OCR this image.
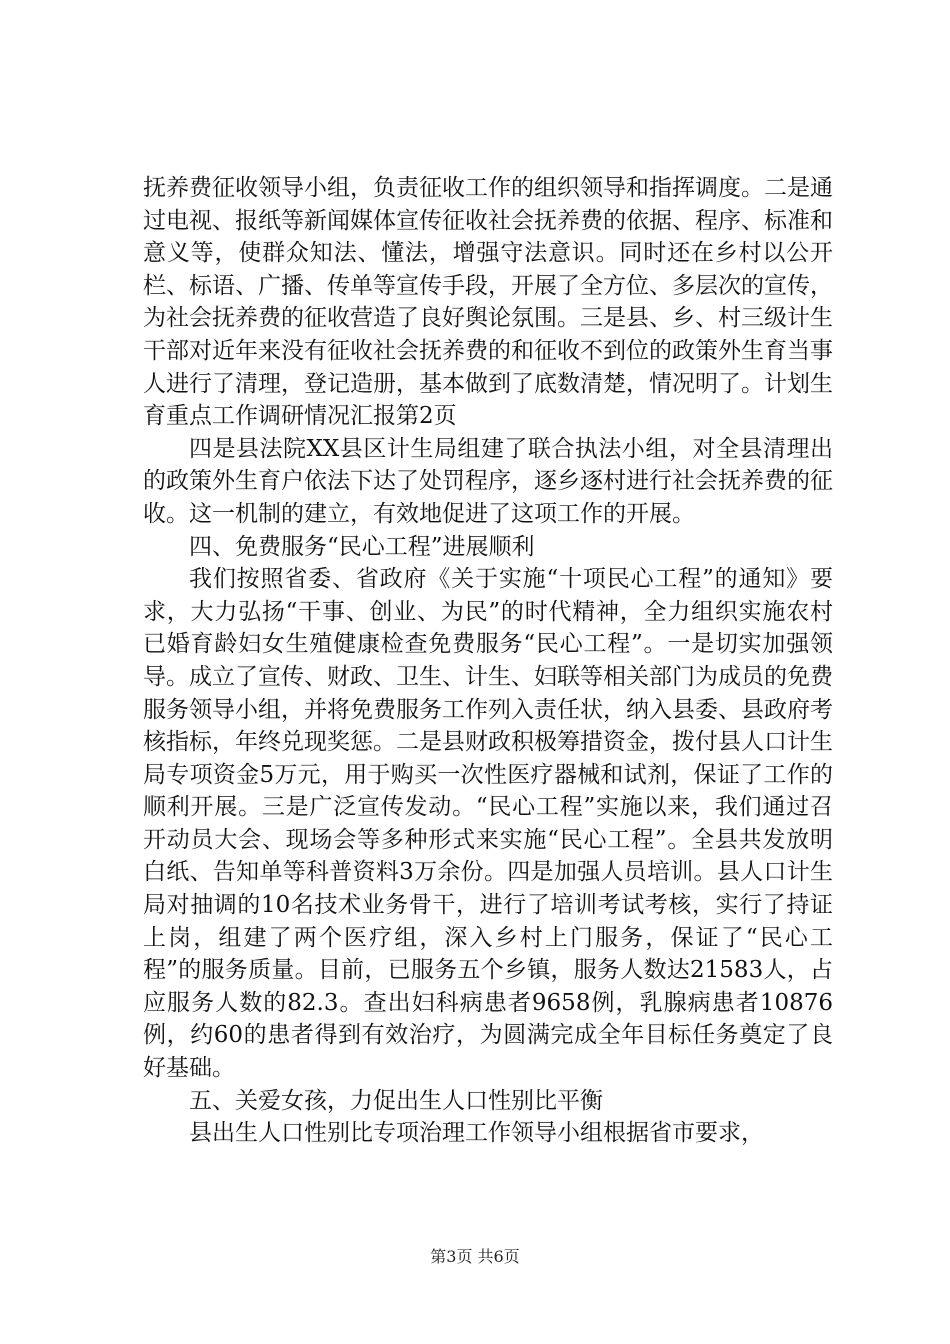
抚养费征收领导小组，负责征收工作的组织领导和指挥调度。二是通过电视、报纸等新闻媒体宣传征收社会抚养费的依据、程序、标准和意义等，使群众知法、懂法，增强守法意识。同时还在乡村以公开栏、标语、广播、传单等宣传手段，开展了全方位、多层次的宣传，为社会抚养费的征收营造了良好舆论氛围。三是县、乡、村三级计生干部对近年来没有征收社会抚养费的和征收不到位的政策外生育当事人进行了清理，登记造册，基本做到了底数清楚，情况明了。计划生育重点工作调研情况汇报第2页

四是县法院XX县区计生局组建了联合执法小组，对全县清理出的政策外生育户依法下达了处罚程序，逐乡逐村进行社会抚养费的征收。这一机制的建立，有效地促进了这项工作的开展。

四、免费服务“民心工程”进展顺利

我们按照省委、省政府《关于实施“十项民心工程”的通知》要求，大力弘扬“干事、创业、为民”的时代精神，全力组织实施农村已婚育龄妇女生殖健康检查免费服务“民心工程”。一是切实加强领导。成立了宣传、财政、卫生、计生、妇联等相关部门为成员的免费服务领导小组，并将免费服务工作列入责任状，纳入县委、县政府考核指标，年终兑现奖惩。二是县财政积极筹措资金，拨付县人口计生局专项资金5万元，用于购买一次性医疗器械和试剂，保证了工作的顺利开展。三是广泛宣传发动。“民心工程”实施以来，我们通过召开动员大会、现场会等多种形式来实施“民心工程”。全县共发放明白纸、告知单等科普资料3万余份。四是加强人员培训。县人口计生局对抽调的10名技术业务骨干，进行了培训考试考核，实行了持证上岗，组建了两个医疗组，深入乡村上门服务，保证了“民心工程”的服务质量。目前，已服务五个乡镇，服务人数达21583人，占应服务人数的82.3。查出妇科病患者9658例，乳腺病患者10876例，约60的患者得到有效治疗，为圆满完成全年目标任务奠定了良好基础。

五、关爱女孩，力促出生人口性别比平衡

县出生人口性别比专项治理工作领导小组根据省市要求，

第3页 共6页
